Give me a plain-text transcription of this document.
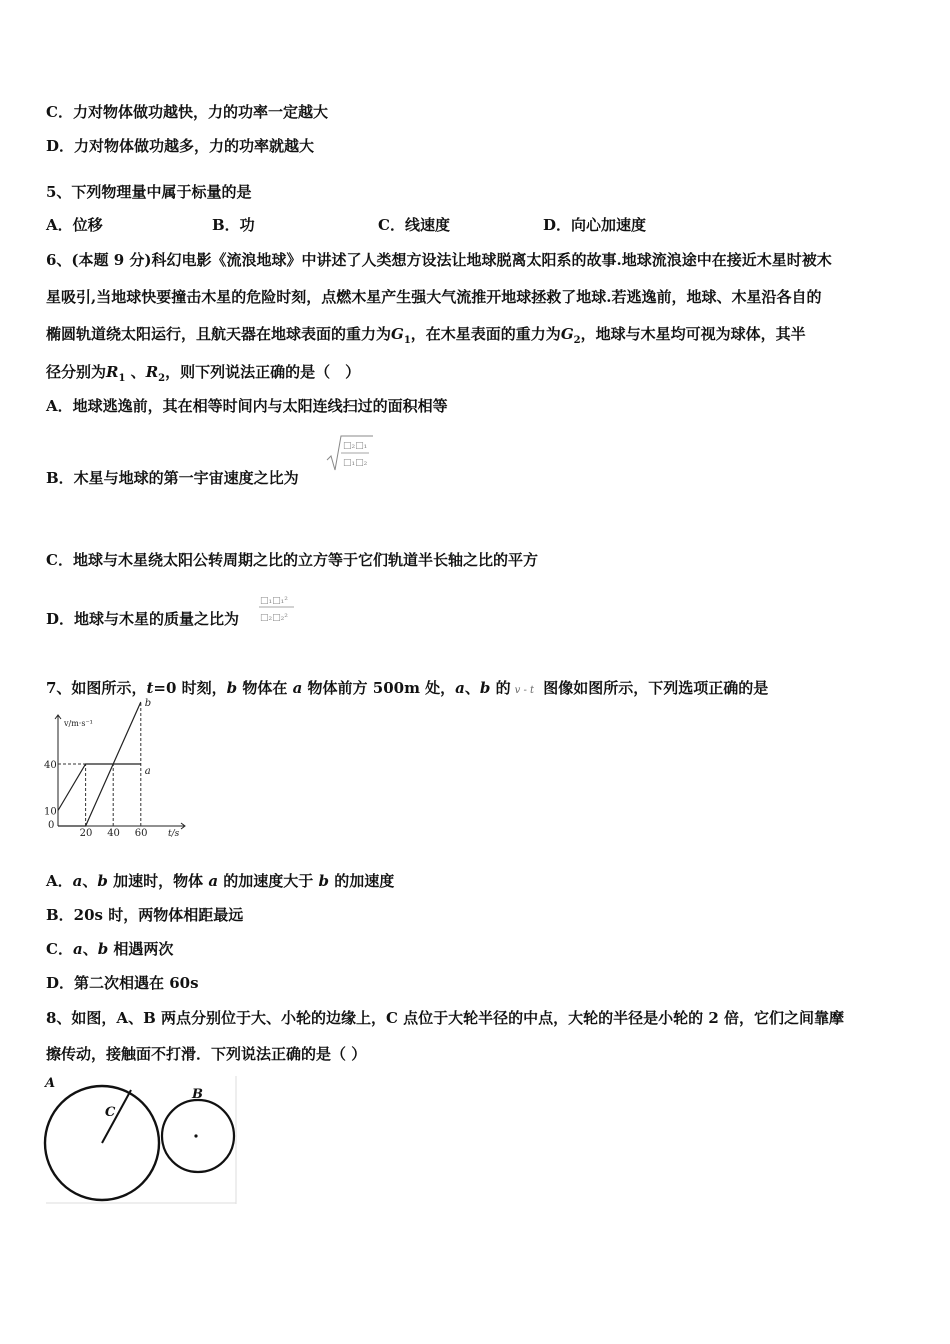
C．力对物体做功越快，力的功率一定越大
D．力对物体做功越多，力的功率就越大
5、下列物理量中属于标量的是
A．位移	B．功	C．线速度	D．向心加速度
6、(本题 9 分)科幻电影《流浪地球》中讲述了人类想方设法让地球脱离太阳系的故事.地球流浪途中在接近木星时被木
星吸引,当地球快要撞击木星的危险时刻，点燃木星产生强大气流推开地球拯救了地球.若逃逸前，地球、木星沿各自的
椭圆轨道绕太阳运行，且航天器在地球表面的重力为$G_1$，在木星表面的重力为$G_2$，地球与木星均可视为球体，其半
径分别为$R_1$ 、$R_2$，则下列说法正确的是（　）
A．地球逃逸前，其在相等时间内与太阳连线扫过的面积相等
B．木星与地球的第一宇宙速度之比为
□₂□₁
□₁□₂
C．地球与木星绕太阳公转周期之比的立方等于它们轨道半长轴之比的平方
D．地球与木星的质量之比为
□₁□₁²
□₂□₂²
7、如图所示，t=0 时刻，b 物体在 a 物体前方 500m 处，a、b 的 v - t 图像如图所示，下列选项正确的是
v/m·s⁻¹
t/s
0
20 40 60
10
40
a
b
A．a、b 加速时，物体 a 的加速度大于 b 的加速度
B．20s 时，两物体相距最远
C．a、b 相遇两次
D．第二次相遇在 60s
8、如图，A、B 两点分别位于大、小轮的边缘上，C 点位于大轮半径的中点，大轮的半径是小轮的 2 倍，它们之间靠摩
擦传动，接触面不打滑．下列说法正确的是（ ）
A
C
B
